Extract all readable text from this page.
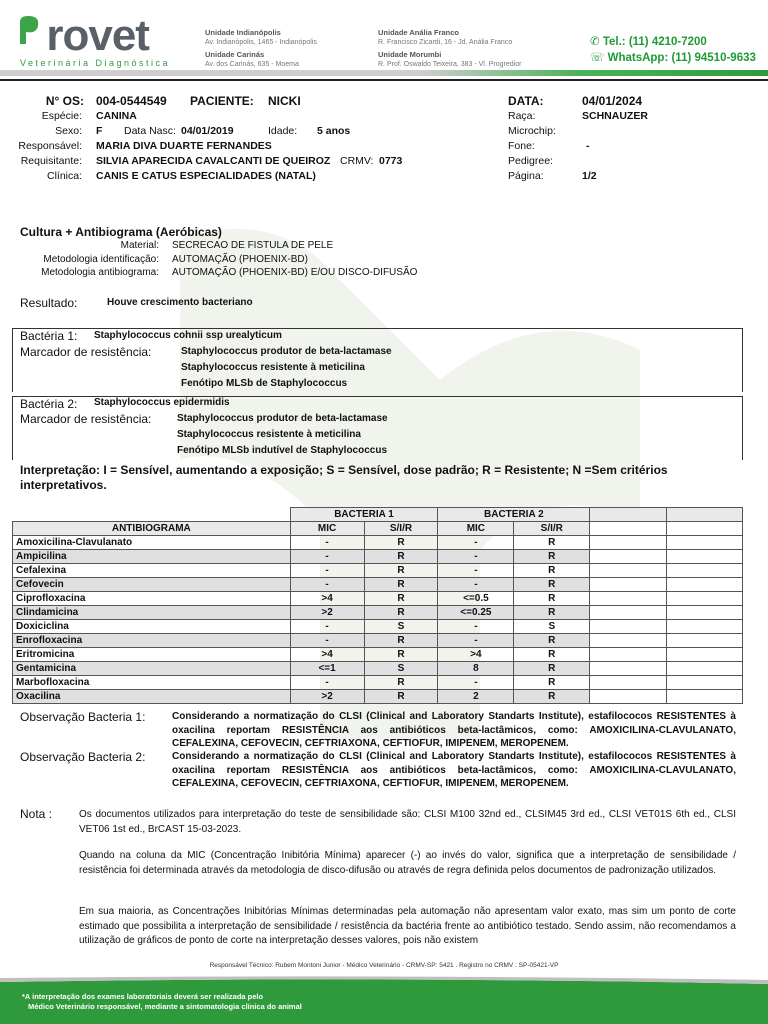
rovet
Veterinária Diagnóstica
Unidade Indianópolis
Av. Indianópolis, 1465 - Indianópolis
Unidade Carinás
Av. dos Carinás, 635 - Moema
Unidade Anália Franco
R. Francisco Zicardi, 16 - Jd. Anália Franco
Unidade Morumbi
R. Prof. Oswaldo Teixeira, 383 - Vl. Progredior
✆ Tel.: (11) 4210-7200
☏ WhatsApp: (11) 94510-9633
N° OS: 004-0544549 PACIENTE: NICKI
Espécie: CANINA
Sexo: F Data Nasc: 04/01/2019	Idade: 5 anos
Responsável: MARIA DIVA DUARTE FERNANDES
Requisitante: SILVIA APARECIDA CAVALCANTI DE QUEIROZ CRMV: 0773
Clínica: CANIS E CATUS ESPECIALIDADES (NATAL)
DATA:	04/01/2024
Raça:	SCHNAUZER
Microchip:
Fone:	-
Pedigree:
Página:	1/2
Cultura + Antibiograma (Aeróbicas)
Material: SECRECAO DE FISTULA DE PELE
Metodologia identificação: AUTOMAÇÃO (PHOENIX-BD)
Metodologia antibiograma: AUTOMAÇÃO (PHOENIX-BD) E/OU DISCO-DIFUSÃO
Resultado:	Houve crescimento bacteriano
Bactéria 1: Staphylococcus cohnii ssp urealyticum
Marcador de resistência:	Staphylococcus produtor de beta-lactamase
Staphylococcus resistente à meticilina
Fenótipo MLSb de Staphylococcus
Bactéria 2: Staphylococcus epidermidis
Marcador de resistência:	Staphylococcus produtor de beta-lactamase
Staphylococcus resistente à meticilina
Fenótipo MLSb indutível de Staphylococcus
Interpretação: I = Sensível, aumentando a exposição; S = Sensível, dose padrão; R = Resistente; N =Sem critérios interpretativos.
	BACTERIA 1		BACTERIA 2			
ANTIBIOGRAMA	MIC	S/I/R	MIC	S/I/R		
Amoxicilina-Clavulanato	-	R	-	R		
Ampicilina	-	R	-	R		
Cefalexina	-	R	-	R		
Cefovecin	-	R	-	R		
Ciprofloxacina	>4	R	<=0.5	R		
Clindamicina	>2	R	<=0.25	R		
Doxiciclina	-	S	-	S		
Enrofloxacina	-	R	-	R		
Eritromicina	>4	R	>4	R		
Gentamicina	<=1	S	8	R		
Marbofloxacina	-	R	-	R		
Oxacilina	>2	R	2	R		
Observação Bacteria 1:	Considerando a normatização do CLSI (Clinical and Laboratory Standarts Institute), estafilococos RESISTENTES à oxacilina reportam RESISTÊNCIA aos antibióticos beta-lactâmicos, como: AMOXICILINA-CLAVULANATO, CEFALEXINA, CEFOVECIN, CEFTRIAXONA, CEFTIOFUR, IMIPENEM, MEROPENEM.
Observação Bacteria 2:	Considerando a normatização do CLSI (Clinical and Laboratory Standarts Institute), estafilococos RESISTENTES à oxacilina reportam RESISTÊNCIA aos antibióticos beta-lactâmicos, como: AMOXICILINA-CLAVULANATO, CEFALEXINA, CEFOVECIN, CEFTRIAXONA, CEFTIOFUR, IMIPENEM, MEROPENEM.
Nota :	Os documentos utilizados para interpretação do teste de sensibilidade são: CLSI M100 32nd ed., CLSIM45 3rd ed., CLSI VET01S 6th ed., CLSI VET06 1st ed., BrCAST 15-03-2023.
Quando na coluna da MIC (Concentração Inibitória Mínima) aparecer (-) ao invés do valor, significa que a interpretação de sensibilidade / resistência foi determinada através da metodologia de disco-difusão ou através de regra definida pelos documentos de padronização utilizados.
Em sua maioria, as Concentrações Inibitórias Mínimas determinadas pela automação não apresentam valor exato, mas sim um ponto de corte estimado que possibilita a interpretação de sensibilidade / resistência da bactéria frente ao antibiótico testado. Sendo assim, não recomendamos a utilização de gráficos de ponto de corte na interpretação desses valores, pois não existem
Responsável Técnico: Rubem Montoni Junior - Médico Veterinário - CRMV-SP: 5421 . Registro no CRMV : SP-05421-VP
*A interpretação dos exames laboratoriais deverá ser realizada pelo
Médico Veterinário responsável, mediante a sintomatologia clínica do animal
